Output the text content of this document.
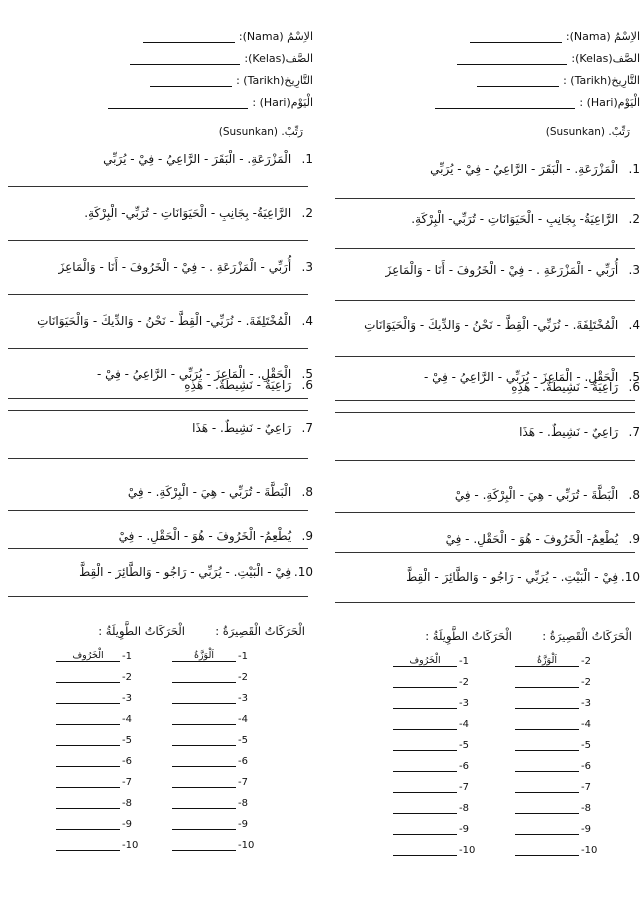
الاِسْمُ (Nama):
الصَّف(Kelas):
التَّارِيخ(Tarikh) :
الْيَوْم(Hari) :
رَتِّبْ. (Susunkan)
1. الْمَزْرَعَةِ. - الْبَقَرَ - الرَّاعِيُ - فِيْ - يُرَبِّي
2. الرَّاعِيَةُ- بِجَانِبِ - الْحَيَوَانَاتِ - تُرَبِّي- الْبِرْكَةِ.
3. أُرَبِّي - الْمَزْرَعَةِ . - فِيْ - الْخَرُوفَ - أَنَا - وَالْمَاعِزَ
4. الْمُخْتَلِفَةَ. - نُرَبِّي- الْقِطَّ - نَحْنُ - وَالدِّيكَ - وَالْحَيَوَانَاتِ
5. الْحَقْلِ. - الْمَاعِزَ - يُرَبِّي - الرَّاعِيُ - فِيْ -
6. رَاعِيَةٌ - نَشِيطَةٌ. - هَذِهِ
7. رَاعِيٌ - نَشِيطٌ. - هَذَا
8. الْبَطَّةَ - تُرَبِّي - هِيَ - الْبِرْكَةِ. - فِيْ
9. يُطْعِمُ- الْخَرُوفَ - هُوَ - الْحَقْلِ. - فِيْ
10. فِيْ - الْبَيْتِ. - يُرَبِّي - رَاجُو - وَالطَّائِرَ - الْقِطَّ
الْحَرَكَاتُ الْقَصِيرَةُ :
الْحَرَكَاتُ الطَّوِيلَةُ :
اَلْوَزَّةُ -1
الْخَرُوف -1
-2
-2
-3
-3
-4
-4
-5
-5
-6
-6
-7
-7
-8
-8
-9
-9
-10
-10
الاِسْمُ (Nama):
الصَّف(Kelas):
التَّارِيخ(Tarikh) :
الْيَوْم(Hari) :
رَتِّبْ. (Susunkan)
1. الْمَزْرَعَةِ. - الْبَقَرَ - الرَّاعِيُ - فِيْ - يُرَبِّي
2. الرَّاعِيَةُ- بِجَانِبِ - الْحَيَوَانَاتِ - تُرَبِّي- الْبِرْكَةِ.
3. أُرَبِّي - الْمَزْرَعَةِ . - فِيْ - الْخَرُوفَ - أَنَا - وَالْمَاعِزَ
4. الْمُخْتَلِفَةَ. - نُرَبِّي- الْقِطَّ - نَحْنُ - وَالدِّيكَ - وَالْحَيَوَانَاتِ
5. الْحَقْلِ. - الْمَاعِزَ - يُرَبِّي - الرَّاعِيُ - فِيْ -
6. رَاعِيَةٌ - نَشِيطَةٌ. - هَذِهِ
7. رَاعِيٌ - نَشِيطٌ. - هَذَا
8. الْبَطَّةَ - تُرَبِّي - هِيَ - الْبِرْكَةِ. - فِيْ
9. يُطْعِمُ- الْخَرُوفَ - هُوَ - الْحَقْلِ. - فِيْ
10. فِيْ - الْبَيْتِ. - يُرَبِّي - رَاجُو - وَالطَّائِرَ - الْقِطَّ
الْحَرَكَاتُ الْقَصِيرَةُ :
الْحَرَكَاتُ الطَّوِيلَةُ :
اَلْوَزَّةُ -2
الْخَرُوف -1
-2
-2
-3
-3
-4
-4
-5
-5
-6
-6
-7
-7
-8
-8
-9
-9
-10
-10
